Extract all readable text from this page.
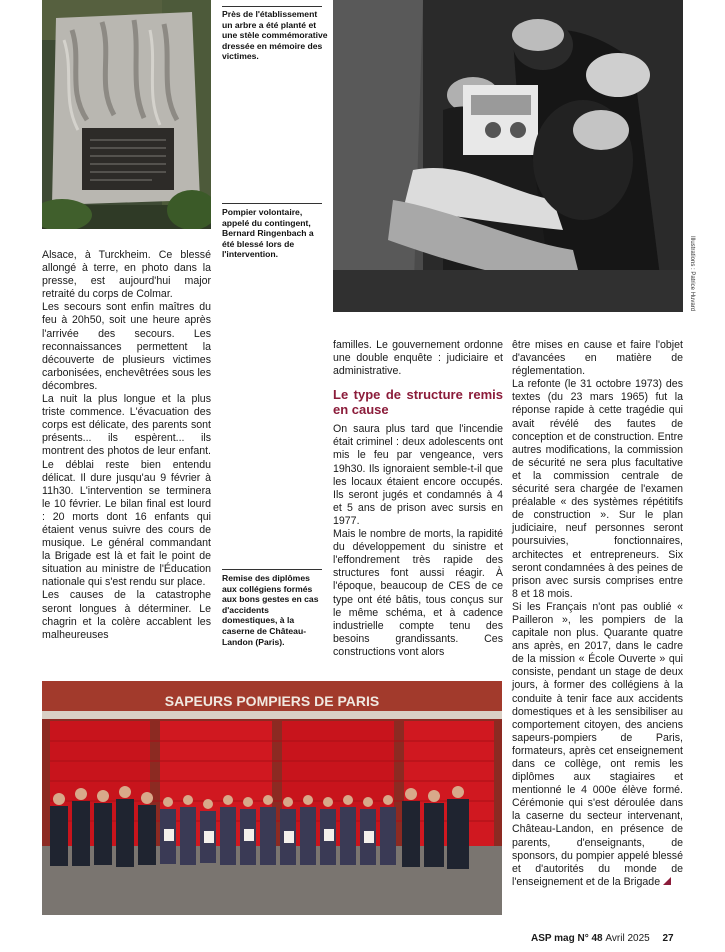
Près de l'établissement un arbre a été planté et une stèle commémorative dressée en mémoire des victimes.
Illustrations : Patrice Huvard
Pompier volontaire, appelé du contingent, Bernard Ringenbach a été blessé lors de l'intervention.

Alsace, à Turckheim. Ce blessé allongé à terre, en photo dans la presse, est aujourd'hui major retraité du corps de Colmar.

Les secours sont enfin maîtres du feu à 20h50, soit une heure après l'arrivée des secours. Les reconnaissances permettent la découverte de plusieurs victimes carbonisées, enchevêtrées sous les décombres.

La nuit la plus longue et la plus triste commence. L'évacuation des corps est délicate, des parents sont présents... ils espèrent... ils montrent des photos de leur enfant. Le déblai reste bien entendu délicat. Il dure jusqu'au 9 février à 11h30. L'intervention se terminera le 10 février. Le bilan final est lourd : 20 morts dont 16 enfants qui étaient venus suivre des cours de musique. Le général commandant la Brigade est là et fait le point de situation au ministre de l'Éducation nationale qui s'est rendu sur place.

Les causes de la catastrophe seront longues à déterminer. Le chagrin et la colère accablent les malheureuses

Remise des diplômes aux collégiens formés aux bons gestes en cas d'accidents domestiques, à la caserne de Château-Landon (Paris).

familles. Le gouvernement ordonne une double enquête : judiciaire et administrative.

Le type de structure remis en cause

On saura plus tard que l'incendie était criminel : deux adolescents ont mis le feu par vengeance, vers 19h30. Ils ignoraient semble-t-il que les locaux étaient encore occupés. Ils seront jugés et condamnés à 4 et 5 ans de prison avec sursis en 1977.

Mais le nombre de morts, la rapidité du développement du sinistre et l'effondrement très rapide des structures font aussi réagir. À l'époque, beaucoup de CES de ce type ont été bâtis, tous conçus sur le même schéma, et à cadence industrielle compte tenu des besoins grandissants. Ces constructions vont alors

être mises en cause et faire l'objet d'avancées en matière de réglementation.

La refonte (le 31 octobre 1973) des textes (du 23 mars 1965) fut la réponse rapide à cette tragédie qui avait révélé des fautes de conception et de construction. Entre autres modifications, la commission de sécurité ne sera plus facultative et la commission centrale de sécurité sera chargée de l'examen préalable « des systèmes répétitifs de construction ». Sur le plan judiciaire, neuf personnes seront poursuivies, fonctionnaires, architectes et entrepreneurs. Six seront condamnées à des peines de prison avec sursis comprises entre 8 et 18 mois.

Si les Français n'ont pas oublié « Pailleron », les pompiers de la capitale non plus. Quarante quatre ans après, en 2017, dans le cadre de la mission « École Ouverte » qui consiste, pendant un stage de deux jours, à former des collégiens à la conduite à tenir face aux accidents domestiques et à les sensibiliser au comportement citoyen, des anciens sapeurs-pompiers de Paris, formateurs, après cet enseignement dans ce collège, ont remis les diplômes aux stagiaires et mentionné le 4 000e élève formé. Cérémonie qui s'est déroulée dans la caserne du secteur intervenant, Château-Landon, en présence de parents, d'enseignants, de sponsors, du pompier appelé blessé et d'autorités du monde de l'enseignement et de la Brigade

SAPEURS POMPIERS DE PARIS
ASP mag N° 48 Avril 2025 27
